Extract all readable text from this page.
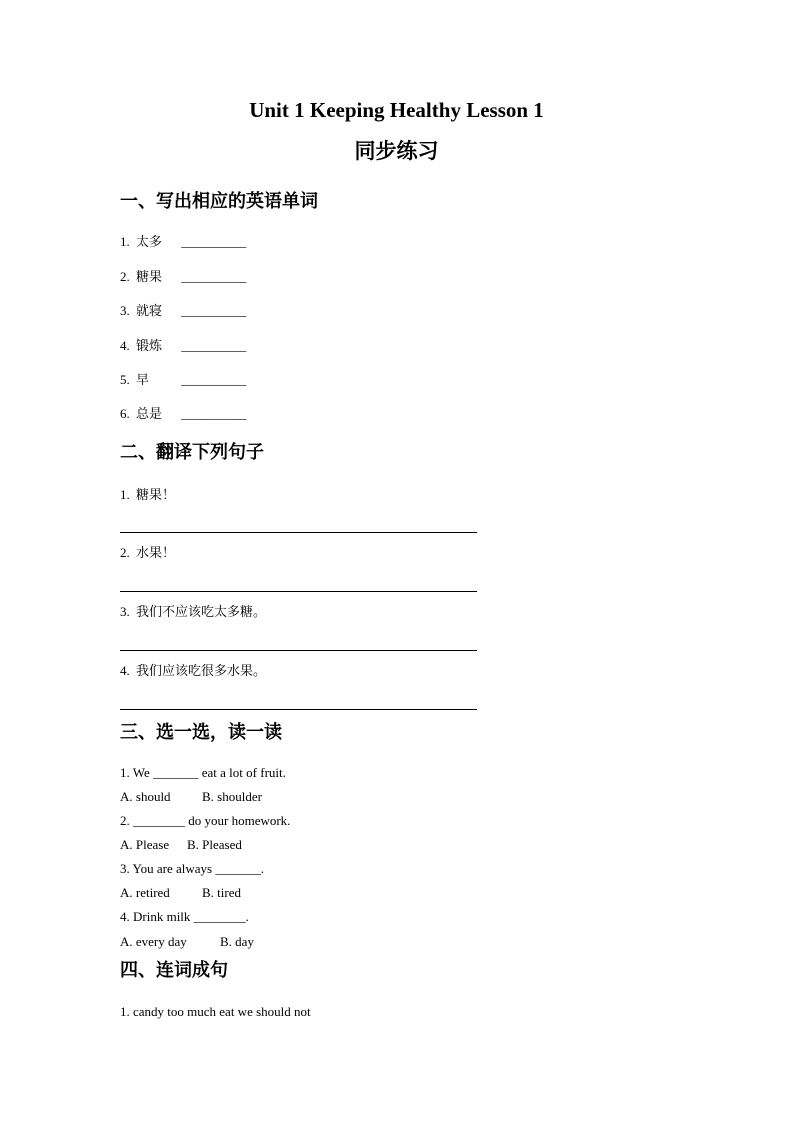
Unit 1 Keeping Healthy Lesson 1
同步练习
一、写出相应的英语单词
1. 太多 __________
2. 糖果 __________
3. 就寝 __________
4. 锻炼 __________
5. 早 __________
6. 总是 __________
二、翻译下列句子
1. 糖果！
2. 水果！
3. 我们不应该吃太多糖。
4. 我们应该吃很多水果。
三、选一选，读一读
1. We _______ eat a lot of fruit.
A. should B. shoulder
2. ________ do your homework.
A. Please B. Pleased
3. You are always _______.
A. retired B. tired
4. Drink milk ________.
A. every day	B. day
四、连词成句
1. candy too much eat we should not
